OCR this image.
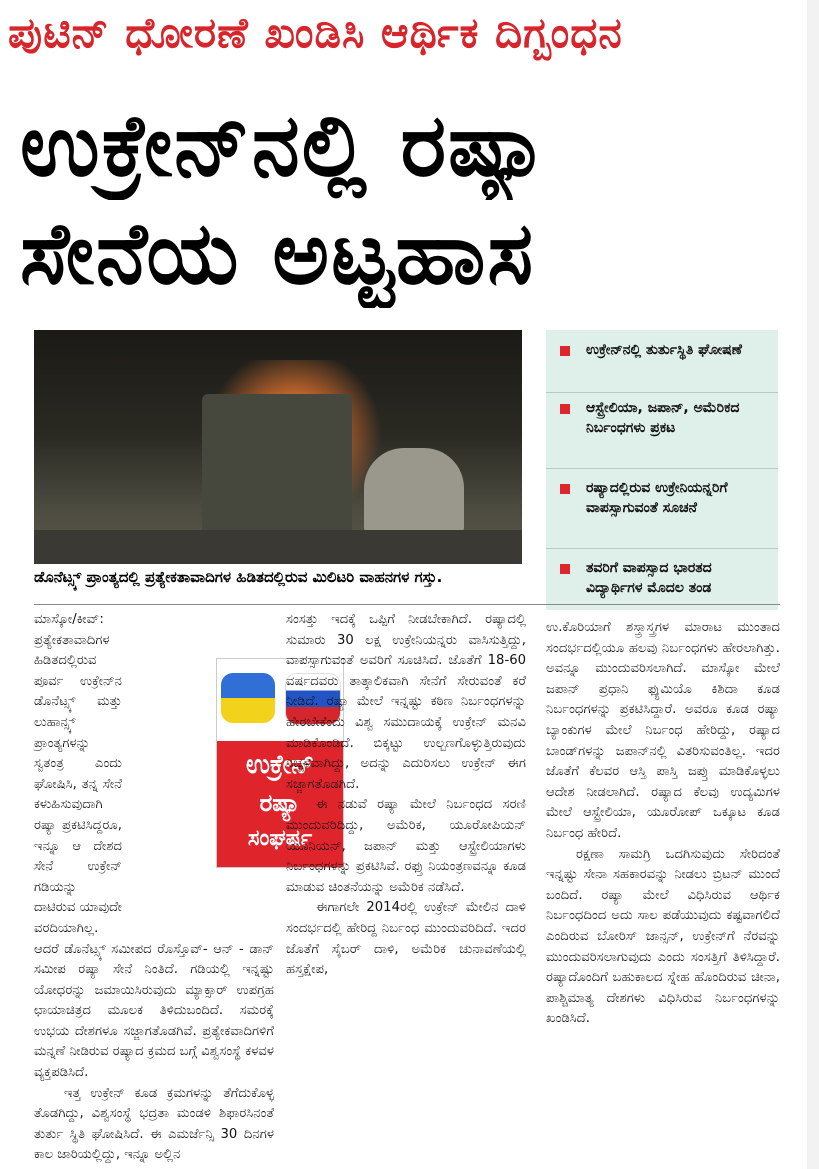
ಪುಟಿನ್ ಧೋರಣೆ ಖಂಡಿಸಿ ಆರ್ಥಿಕ ದಿಗ್ಬಂಧನ
ಉಕ್ರೇನ್‌ನಲ್ಲಿ ರಷ್ಯಾ
ಸೇನೆಯ ಅಟ್ಟಹಾಸ
ಉಕ್ರೇನ್‌ನಲ್ಲಿ ತುರ್ತುಸ್ಥಿತಿ ಘೋಷಣೆ
ಆಸ್ಟ್ರೇಲಿಯಾ, ಜಪಾನ್, ಅಮೆರಿಕದ ನಿರ್ಬಂಧಗಳು ಪ್ರಕಟ
ರಷ್ಯಾದಲ್ಲಿರುವ ಉಕ್ರೇನಿಯನ್ನರಿಗೆ ವಾಪಸ್ಸಾಗುವಂತೆ ಸೂಚನೆ
ತವರಿಗೆ ವಾಪಸ್ಸಾದ ಭಾರತದ ವಿದ್ಯಾರ್ಥಿಗಳ ಮೊದಲ ತಂಡ
ಡೊನೆಟ್ಸ್ಕ್ ಪ್ರಾಂತ್ಯದಲ್ಲಿ ಪ್ರತ್ಯೇಕತಾವಾದಿಗಳ ಹಿಡಿತದಲ್ಲಿರುವ ಮಿಲಿಟರಿ ವಾಹನಗಳ ಗಸ್ತು.

ಮಾಸ್ಕೋ/ಕೀವ್: ಪ್ರತ್ಯೇಕತಾವಾದಿಗಳ ಹಿಡಿತದಲ್ಲಿರುವ ಪೂರ್ವ ಉಕ್ರೇನ್‌ನ ಡೊನೆಟ್ಸ್ಕ್ ಮತ್ತು ಲುಹಾನ್ಸ್ಕ್ ಪ್ರಾಂತ್ಯಗಳನ್ನು ಸ್ವತಂತ್ರ ಎಂದು ಘೋಷಿಸಿ, ತನ್ನ ಸೇನೆ ಕಳುಹಿಸುವುದಾಗಿ ರಷ್ಯಾ ಪ್ರಕಟಿಸಿದ್ದರೂ, ಇನ್ನೂ ಆ ದೇಶದ ಸೇನೆ ಉಕ್ರೇನ್ ಗಡಿಯನ್ನು ದಾಟಿರುವ ಯಾವುದೇ ವರದಿಯಾಗಿಲ್ಲ. ಆದರೆ ಡೊನೆಟ್ಸ್ಕ್ ಸಮೀಪದ ರೊಸ್ತೊವ್- ಆನ್ - ಡಾನ್ ಸಮೀಪ ರಷ್ಯಾ ಸೇನೆ ನಿಂತಿದೆ. ಗಡಿಯಲ್ಲಿ ಇನ್ನಷ್ಟು ಯೋಧರನ್ನು ಜಮಾಯಿಸಿರುವುದು ಮ್ಯಾಕ್ಸಾರ್ ಉಪಗ್ರಹ ಛಾಯಾಚಿತ್ರದ ಮೂಲಕ ತಿಳಿದುಬಂದಿದೆ. ಸಮರಕ್ಕೆ ಉಭಯ ದೇಶಗಳೂ ಸಜ್ಜಾಗತೊಡಗಿವೆ. ಪ್ರತ್ಯೇಕವಾದಿಗಳಿಗೆ ಮನ್ನಣೆ ನೀಡಿರುವ ರಷ್ಯಾದ ಕ್ರಮದ ಬಗ್ಗೆ ವಿಶ್ವಸಂಸ್ಥೆ ಕಳವಳ ವ್ಯಕ್ತಪಡಿಸಿದೆ.

ಇತ್ತ ಉಕ್ರೇನ್ ಕೂಡ ಕ್ರಮಗಳನ್ನು ತೆಗೆದುಕೊಳ್ಳ ತೊಡಗಿದ್ದು, ವಿಶ್ವಸಂಸ್ಥೆ ಭದ್ರತಾ ಮಂಡಳಿ ಶಿಫಾರಸಿನಂತೆ ತುರ್ತು ಸ್ಥಿತಿ ಘೋಷಿಸಿದೆ. ಈ ಎಮರ್ಜೆನ್ಸಿ 30 ದಿನಗಳ ಕಾಲ ಜಾರಿಯಲ್ಲಿದ್ದು, ಇನ್ನೂ ಅಲ್ಲಿನ

ಉಕ್ರೇನ್
ರಷ್ಯಾ
ಸಂಘರ್ಷ

ಸಂಸತ್ತು ಇದಕ್ಕೆ ಒಪ್ಪಿಗೆ ನೀಡಬೇಕಾಗಿದೆ. ರಷ್ಯಾದಲ್ಲಿ ಸುಮಾರು 30 ಲಕ್ಷ ಉಕ್ರೇನಿಯನ್ನರು ವಾಸಿಸುತ್ತಿದ್ದು, ವಾಪಸ್ಸಾಗುವಂತೆ ಅವರಿಗೆ ಸೂಚಿಸಿದೆ. ಜೊತೆಗೆ 18-60 ವರ್ಷದವರು ತಾತ್ಕಾಲಿಕವಾಗಿ ಸೇನೆಗೆ ಸೇರುವಂತೆ ಕರೆ ನೀಡಿದೆ. ರಷ್ಯಾ ಮೇಲೆ ಇನ್ನಷ್ಟು ಕಠಿಣ ನಿರ್ಬಂಧಗಳನ್ನು ಹೇರಬೇಕೆಂದು ವಿಶ್ವ ಸಮುದಾಯಕ್ಕೆ ಉಕ್ರೇನ್ ಮನವಿ ಮಾಡಿಕೊಂಡಿದೆ. ಬಿಕ್ಕಟ್ಟು ಉಲ್ಬಣಗೊಳ್ಳುತ್ತಿರುವುದು ನಿಚ್ಚಳವಾಗಿದ್ದು, ಅದನ್ನು ಎದುರಿಸಲು ಉಕ್ರೇನ್ ಈಗ ಸಜ್ಜಾಗತೊಡಗಿದೆ.

ಈ ನಡುವೆ ರಷ್ಯಾ ಮೇಲೆ ನಿರ್ಬಂಧದ ಸರಣಿ ಮುಂದುವರಿದಿದ್ದು, ಅಮೆರಿಕ, ಯೂರೋಪಿಯನ್ ಯೂನಿಯನ್, ಜಪಾನ್ ಮತ್ತು ಆಸ್ಟ್ರೇಲಿಯಾಗಳು ನಿರ್ಬಂಧಗಳನ್ನು ಪ್ರಕಟಿಸಿವೆ. ರಫ್ತು ನಿಯಂತ್ರಣವನ್ನೂ ಕೂಡ ಮಾಡುವ ಚಿಂತನೆಯನ್ನು ಅಮೆರಿಕ ನಡೆಸಿದೆ.

ಈಗಾಗಲೇ 2014ರಲ್ಲಿ ಉಕ್ರೇನ್ ಮೇಲಿನ ದಾಳಿ ಸಂದರ್ಭದಲ್ಲಿ ಹೇರಿದ್ದ ನಿರ್ಬಂಧ ಮುಂದುವರಿದಿದೆ. ಇದರ ಜೊತೆಗೆ ಸೈಬರ್ ದಾಳಿ, ಅಮೆರಿಕ ಚುನಾವಣೆಯಲ್ಲಿ ಹಸ್ತಕ್ಷೇಪ,

ಉ.ಕೊರಿಯಾಗೆ ಶಸ್ತ್ರಾಸ್ತ್ರಗಳ ಮಾರಾಟ ಮುಂತಾದ ಸಂದರ್ಭದಲ್ಲಿಯೂ ಹಲವು ನಿರ್ಬಂಧಗಳು ಹೇರಲಾಗಿತ್ತು. ಅವನ್ನೂ ಮುಂದುವರಿಸಲಾಗಿದೆ. ಮಾಸ್ಕೋ ಮೇಲೆ ಜಪಾನ್ ಪ್ರಧಾನಿ ಫ್ಯುಮಿಯೊ ಕಿಶಿದಾ ಕೂಡ ನಿರ್ಬಂಧಗಳನ್ನು ಪ್ರಕಟಿಸಿದ್ದಾರೆ. ಅವರೂ ಕೂಡ ರಷ್ಯಾ ಬ್ಯಾಂಕುಗಳ ಮೇಲೆ ನಿರ್ಬಂಧ ಹೇರಿದ್ದು, ರಷ್ಯಾದ ಬಾಂಡ್‌ಗಳನ್ನು ಜಪಾನ್‌ನಲ್ಲಿ ವಿತರಿಸುವಂತಿಲ್ಲ. ಇದರ ಜೊತೆಗೆ ಕೆಲವರ ಆಸ್ತಿ ಪಾಸ್ತಿ ಜಪ್ತು ಮಾಡಿಕೊಳ್ಳಲು ಆದೇಶ ನೀಡಲಾಗಿದೆ. ರಷ್ಯಾದ ಕೆಲವು ಉದ್ಯಮಿಗಳ ಮೇಲೆ ಆಸ್ಟ್ರೇಲಿಯಾ, ಯೂರೋಪ್ ಒಕ್ಕೂಟ ಕೂಡ ನಿರ್ಬಂಧ ಹೇರಿದೆ.

ರಕ್ಷಣಾ ಸಾಮಗ್ರಿ ಒದಗಿಸುವುದು ಸೇರಿದಂತೆ ಇನ್ನಷ್ಟು ಸೇನಾ ಸಹಕಾರವನ್ನು ನೀಡಲು ಬ್ರಿಟನ್ ಮುಂದೆ ಬಂದಿದೆ. ರಷ್ಯಾ ಮೇಲೆ ವಿಧಿಸಿರುವ ಆರ್ಥಿಕ ನಿರ್ಬಂಧದಿಂದ ಅದು ಸಾಲ ಪಡೆಯುವುದು ಕಷ್ಟವಾಗಲಿದೆ ಎಂದಿರುವ ಬೋರಿಸ್ ಜಾನ್ಸನ್, ಉಕ್ರೇನ್‌ಗೆ ನೆರವನ್ನು ಮುಂದುವರಿಸಲಾಗುವುದು ಎಂದು ಸಂಸತ್ತಿಗೆ ತಿಳಿಸಿದ್ದಾರೆ. ರಷ್ಯಾದೊಂದಿಗೆ ಬಹುಕಾಲದ ಸ್ನೇಹ ಹೊಂದಿರುವ ಚೀನಾ, ಪಾಶ್ಚಿಮಾತ್ಯ ದೇಶಗಳು ವಿಧಿಸಿರುವ ನಿರ್ಬಂಧಗಳನ್ನು ಖಂಡಿಸಿದೆ.
